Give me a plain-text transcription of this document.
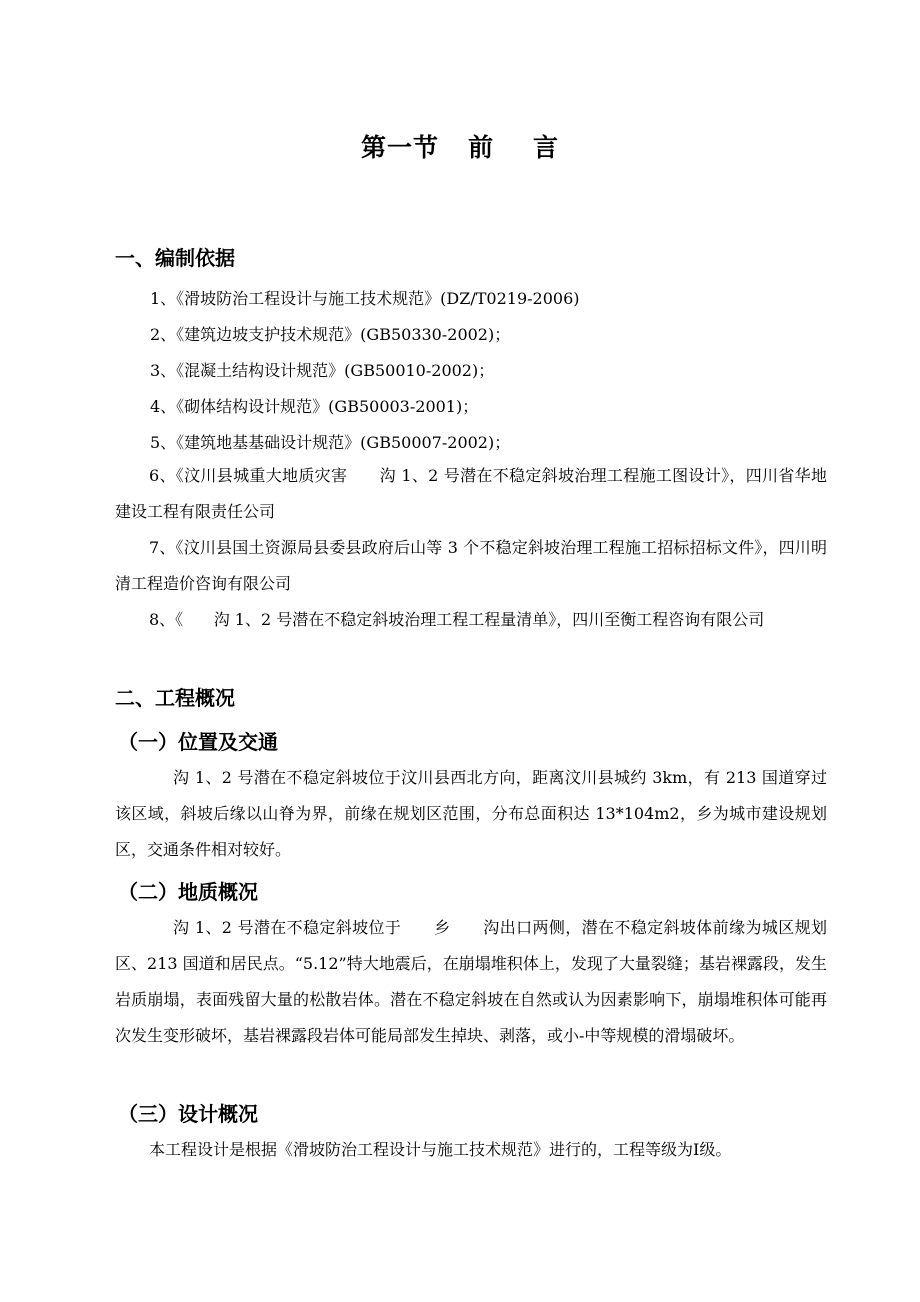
第一节   前    言
一、编制依据
1、《滑坡防治工程设计与施工技术规范》(DZ/T0219-2006)
2、《建筑边坡支护技术规范》(GB50330-2002)；
3、《混凝土结构设计规范》(GB50010-2002)；
4、《砌体结构设计规范》(GB50003-2001)；
5、《建筑地基基础设计规范》(GB50007-2002)；
6、《汶川县城重大地质灾害      沟 1、2 号潜在不稳定斜坡治理工程施工图设计》，四川省华地建设工程有限责任公司
7、《汶川县国土资源局县委县政府后山等 3 个不稳定斜坡治理工程施工招标招标文件》，四川明清工程造价咨询有限公司
8、《      沟 1、2 号潜在不稳定斜坡治理工程工程量清单》，四川至衡工程咨询有限公司
二、工程概况
（一）位置及交通
沟 1、2 号潜在不稳定斜坡位于汶川县西北方向，距离汶川县城约 3km，有 213 国道穿过该区域，斜坡后缘以山脊为界，前缘在规划区范围，分布总面积达 13*104m2，乡为城市建设规划区，交通条件相对较好。
（二）地质概况
沟 1、2 号潜在不稳定斜坡位于      乡      沟出口两侧，潜在不稳定斜坡体前缘为城区规划区、213 国道和居民点。“5.12”特大地震后，在崩塌堆积体上，发现了大量裂缝；基岩裸露段，发生岩质崩塌，表面残留大量的松散岩体。潜在不稳定斜坡在自然或认为因素影响下，崩塌堆积体可能再次发生变形破坏，基岩裸露段岩体可能局部发生掉块、剥落，或小-中等规模的滑塌破坏。
（三）设计概况
本工程设计是根据《滑坡防治工程设计与施工技术规范》进行的，工程等级为Ⅰ级。
